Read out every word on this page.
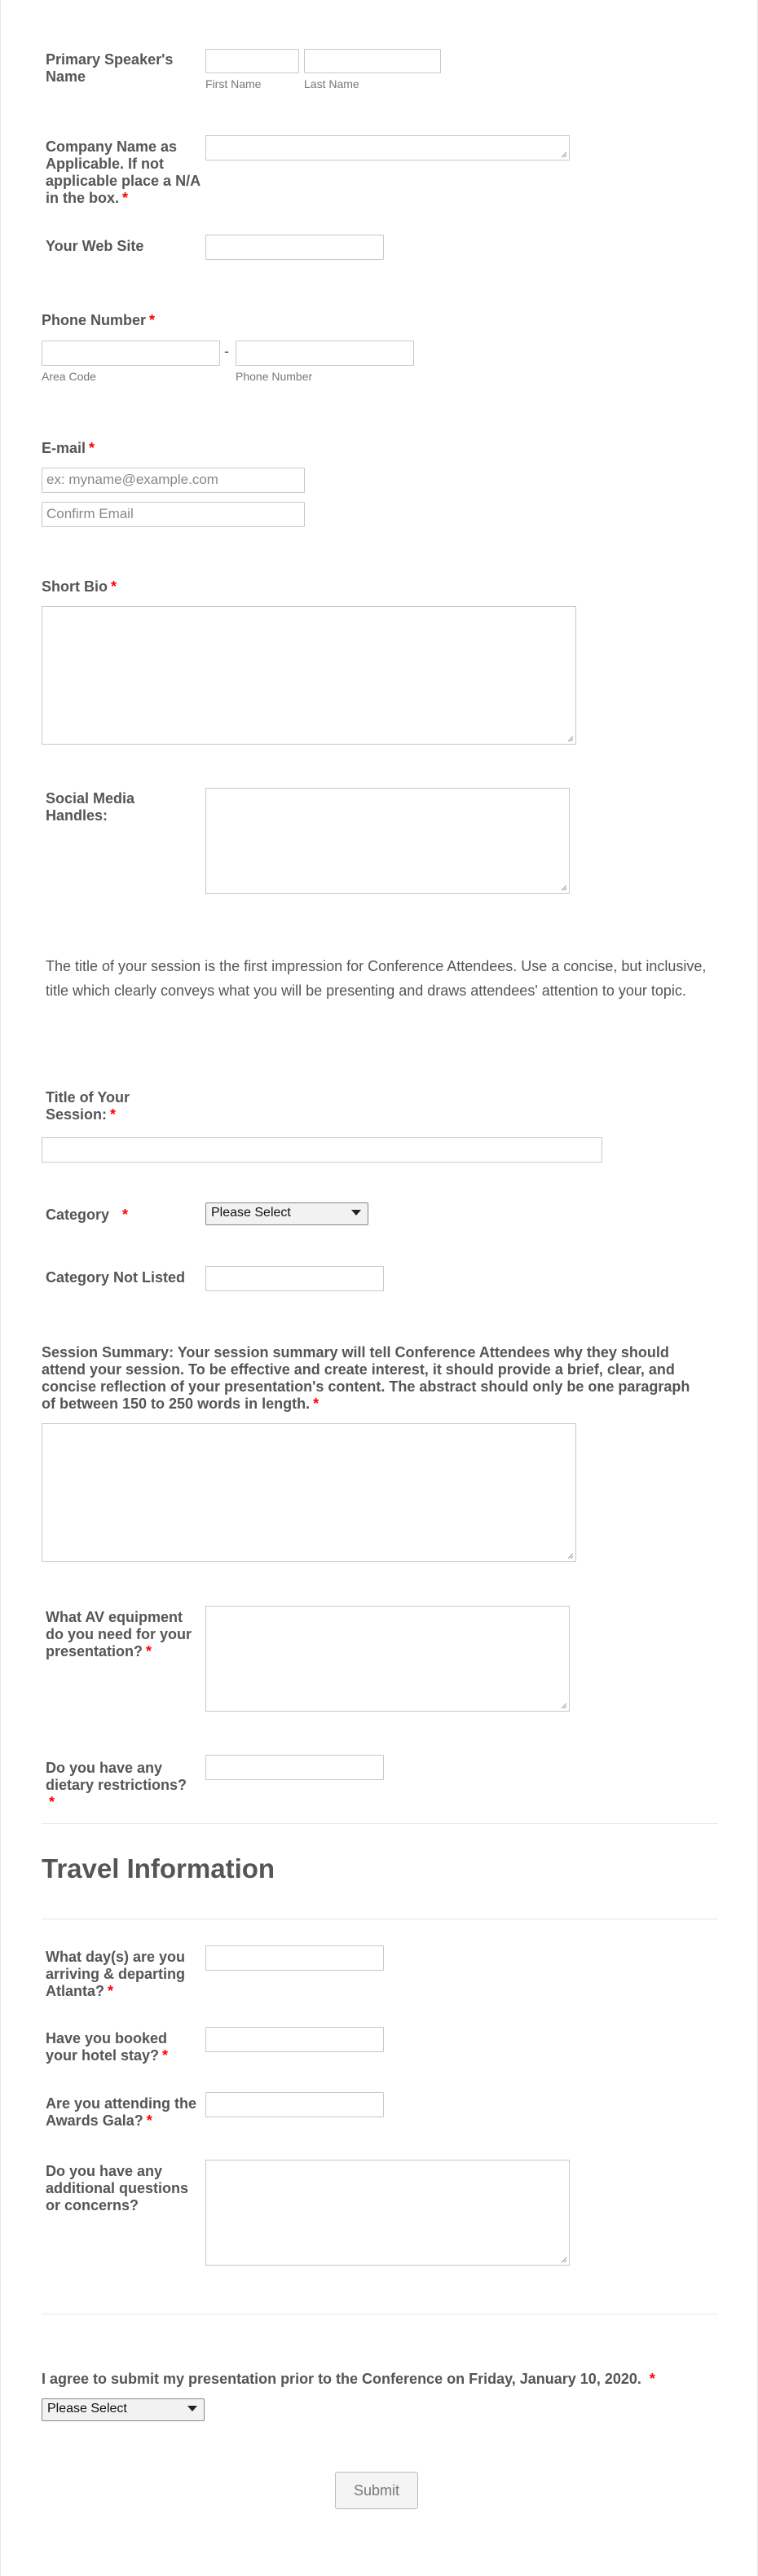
Primary Speaker's Name	First Name	Last Name
Company Name as Applicable. If not applicable place a N/A in the box. *
Your Web Site
Phone Number *
-
Area Code	Phone Number
E-mail *
ex: myname@example.com
Confirm Email
Short Bio *
Social Media Handles:
The title of your session is the first impression for Conference Attendees. Use a concise, but inclusive, title which clearly conveys what you will be presenting and draws attendees' attention to your topic.
Title of Your Session: *
Category *	Please Select
Category Not Listed
Session Summary: Your session summary will tell Conference Attendees why they should attend your session. To be effective and create interest, it should provide a brief, clear, and concise reflection of your presentation's content. The abstract should only be one paragraph of between 150 to 250 words in length. *
What AV equipment do you need for your presentation? *
Do you have any dietary restrictions?
*
Travel Information
What day(s) are you arriving & departing Atlanta? *
Have you booked your hotel stay? *
Are you attending the Awards Gala? *
Do you have any additional questions or concerns?
I agree to submit my presentation prior to the Conference on Friday, January 10, 2020. *
Please Select
Submit
